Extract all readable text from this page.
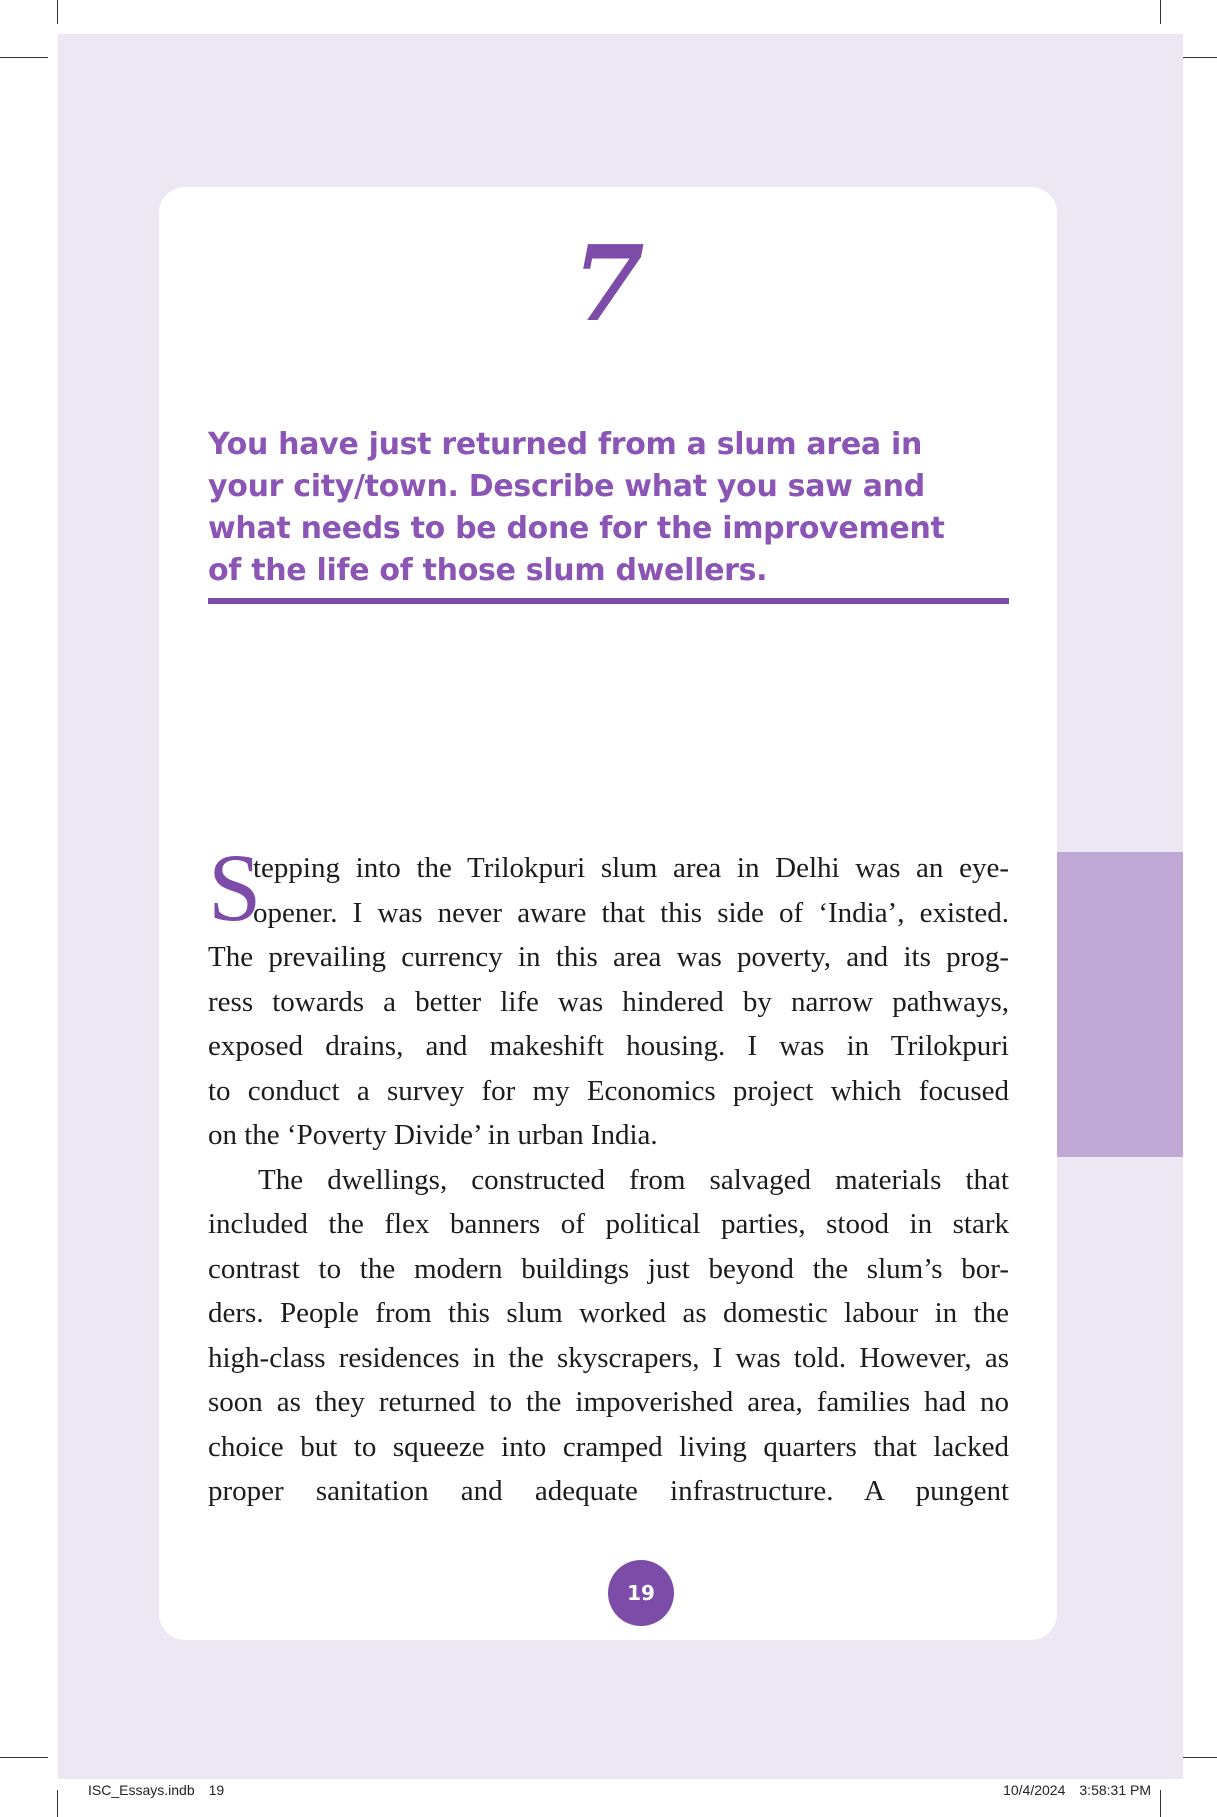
7
You have just returned from a slum area in
your city/town. Describe what you saw and
what needs to be done for the improvement
of the life of those slum dwellers.
S
tepping into the Trilokpuri slum area in Delhi was an eye-
opener. I was never aware that this side of ‘India’, existed.
The prevailing currency in this area was poverty, and its prog-
ress towards a better life was hindered by narrow pathways,
exposed drains, and makeshift housing. I was in Trilokpuri
to conduct a survey for my Economics project which focused
on the ‘Poverty Divide’ in urban India.
The dwellings, constructed from salvaged materials that
included the flex banners of political parties, stood in stark
contrast to the modern buildings just beyond the slum’s bor-
ders. People from this slum worked as domestic labour in the
high-class residences in the skyscrapers, I was told. However, as
soon as they returned to the impoverished area, families had no
choice but to squeeze into cramped living quarters that lacked
proper sanitation and adequate infrastructure. A pungent
19
ISC_Essays.indb 19	10/4/2024 3:58:31 PM
